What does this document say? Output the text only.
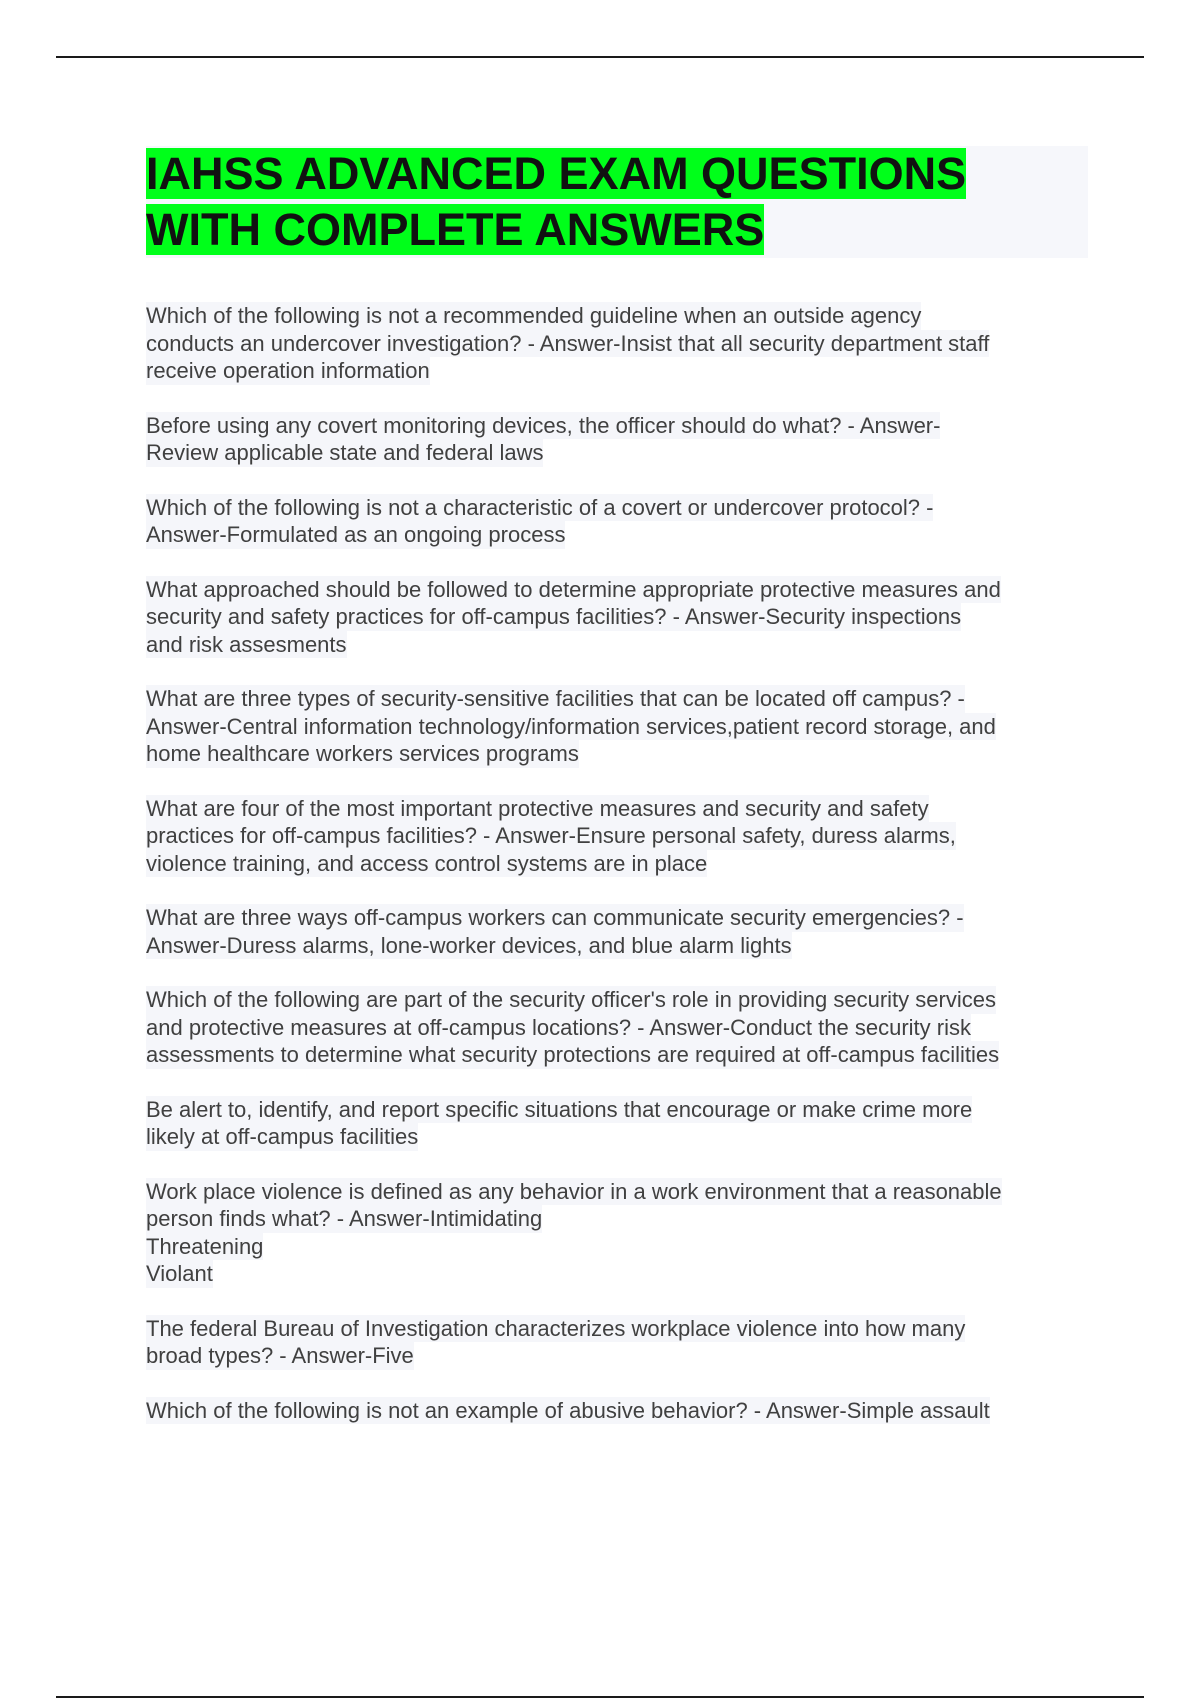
IAHSS ADVANCED EXAM QUESTIONS
WITH COMPLETE ANSWERS
Which of the following is not a recommended guideline when an outside agency
conducts an undercover investigation? - Answer-Insist that all security department staff
receive operation information
Before using any covert monitoring devices, the officer should do what? - Answer-
Review applicable state and federal laws
Which of the following is not a characteristic of a covert or undercover protocol? -
Answer-Formulated as an ongoing process
What approached should be followed to determine appropriate protective measures and
security and safety practices for off-campus facilities? - Answer-Security inspections
and risk assesments
What are three types of security-sensitive facilities that can be located off campus? -
Answer-Central information technology/information services,patient record storage, and
home healthcare workers services programs
What are four of the most important protective measures and security and safety
practices for off-campus facilities? - Answer-Ensure personal safety, duress alarms,
violence training, and access control systems are in place
What are three ways off-campus workers can communicate security emergencies? -
Answer-Duress alarms, lone-worker devices, and blue alarm lights
Which of the following are part of the security officer's role in providing security services
and protective measures at off-campus locations? - Answer-Conduct the security risk
assessments to determine what security protections are required at off-campus facilities
Be alert to, identify, and report specific situations that encourage or make crime more
likely at off-campus facilities
Work place violence is defined as any behavior in a work environment that a reasonable
person finds what? - Answer-Intimidating
Threatening
Violant
The federal Bureau of Investigation characterizes workplace violence into how many
broad types? - Answer-Five
Which of the following is not an example of abusive behavior? - Answer-Simple assault
